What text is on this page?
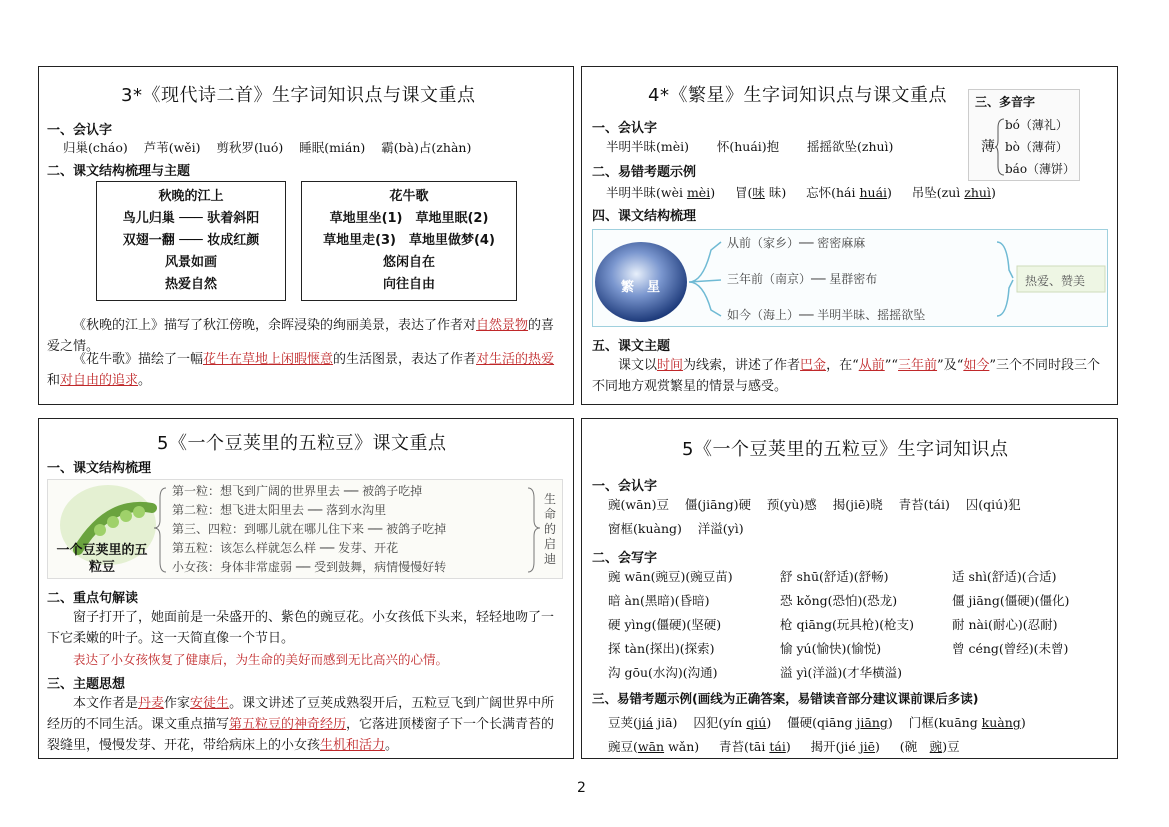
3*《现代诗二首》生字词知识点与课文重点
一、会认字
归巢(cháo) 芦苇(wěi) 剪秋罗(luó) 睡眠(mián) 霸(bà)占(zhàn)
二、课文结构梳理与主题
秋晚的江上
鸟儿归巢 ─── 驮着斜阳
双翅一翻 ─── 妆成红颜
风景如画
热爱自然
花牛歌
草地里坐(1)　草地里眠(2)
草地里走(3)　草地里做梦(4)
悠闲自在
向往自由
《秋晚的江上》描写了秋江傍晚，余晖浸染的绚丽美景，表达了作者对自然景物的喜爱之情。
《花牛歌》描绘了一幅花牛在草地上闲暇惬意的生活图景，表达了作者对生活的热爱和对自由的追求。
4*《繁星》生字词知识点与课文重点
一、会认字
半明半昧(mèi) 怀(huái)抱 摇摇欲坠(zhuì)
二、易错考题示例
半明半昧(wèi mèi) 冒(味 昧) 忘怀(hái huái) 吊坠(zuì zhuì)
三、多音字
薄
bó（薄礼）
bò（薄荷）
báo（薄饼）
四、课文结构梳理
繁　星
从前（家乡）── 密密麻麻
三年前（南京）── 星群密布
如今（海上）── 半明半昧、摇摇欲坠
热爱、赞美
五、课文主题
课文以时间为线索，讲述了作者巴金，在“从前”“三年前”及“如今”三个不同时段三个不同地方观赏繁星的情景与感受。
5《一个豆荚里的五粒豆》课文重点
一、课文结构梳理
一个豆荚里的五粒豆
第一粒：想飞到广阔的世界里去 ── 被鸽子吃掉
第二粒：想飞进太阳里去 ── 落到水沟里
第三、四粒：到哪儿就在哪儿住下来 ── 被鸽子吃掉
第五粒：该怎么样就怎么样 ── 发芽、开花
小女孩：身体非常虚弱 ── 受到鼓舞，病情慢慢好转
生命的启迪
二、重点句解读
窗子打开了，她面前是一朵盛开的、紫色的豌豆花。小女孩低下头来，轻轻地吻了一下它柔嫩的叶子。这一天简直像一个节日。
表达了小女孩恢复了健康后，为生命的美好而感到无比高兴的心情。
三、主题思想
本文作者是丹麦作家安徒生。课文讲述了豆荚成熟裂开后，五粒豆飞到广阔世界中所经历的不同生活。课文重点描写第五粒豆的神奇经历，它落进顶楼窗子下一个长满青苔的裂缝里，慢慢发芽、开花，带给病床上的小女孩生机和活力。
5《一个豆荚里的五粒豆》生字词知识点
一、会认字
豌(wān)豆 僵(jiāng)硬 预(yù)感 揭(jiē)晓 青苔(tái) 囚(qiú)犯
窗框(kuàng) 洋溢(yì)
二、会写字
豌 wān(豌豆)(豌豆苗)	舒 shū(舒适)(舒畅)	适 shì(舒适)(合适)
暗 àn(黑暗)(昏暗)	恐 kǒng(恐怕)(恐龙)	僵 jiāng(僵硬)(僵化)
硬 yìng(僵硬)(坚硬)	枪 qiāng(玩具枪)(枪支)	耐 nài(耐心)(忍耐)
探 tàn(探出)(探索)	愉 yú(愉快)(愉悦)	曾 céng(曾经)(未曾)
沟 gōu(水沟)(沟通)	溢 yì(洋溢)(才华横溢)
三、易错考题示例(画线为正确答案，易错读音部分建议课前课后多读)
豆荚(jiá jiā) 囚犯(yín qiú) 僵硬(qiāng jiāng) 门框(kuāng kuàng)
豌豆(wān wǎn) 青苔(tāi tái) 揭开(jié jiē) (碗　豌)豆
2
